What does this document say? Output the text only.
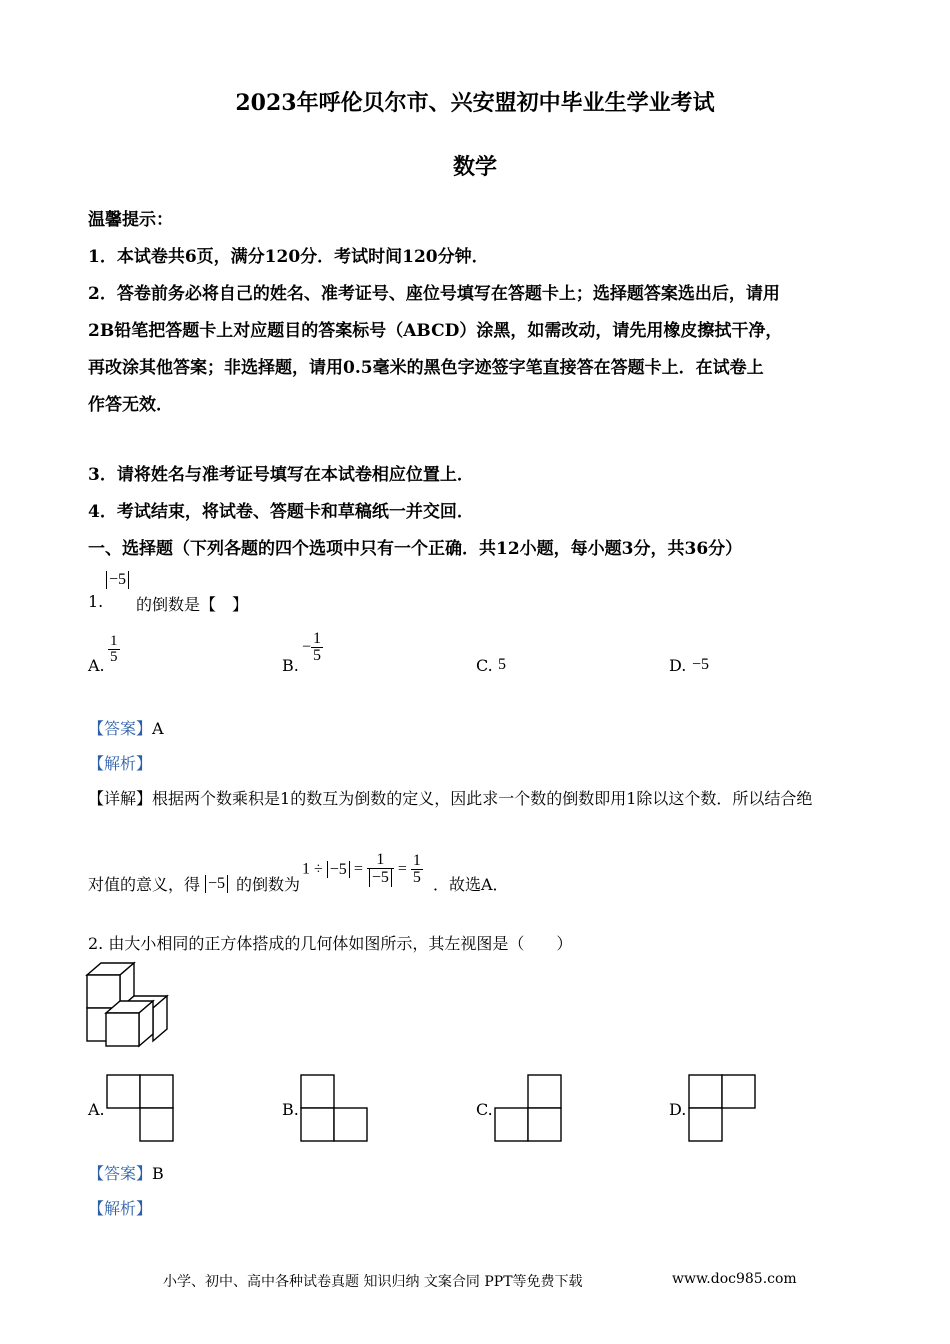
2023年呼伦贝尔市、兴安盟初中毕业生学业考试
数学
温馨提示：
1．本试卷共6页，满分120分．考试时间120分钟．
2．答卷前务必将自己的姓名、准考证号、座位号填写在答题卡上；选择题答案选出后，请用
2B铅笔把答题卡上对应题目的答案标号（ABCD）涂黑，如需改动，请先用橡皮擦拭干净，
再改涂其他答案；非选择题，请用0.5毫米的黑色字迹签字笔直接答在答题卡上．在试卷上
作答无效．
3．请将姓名与准考证号填写在本试卷相应位置上．
4．考试结束，将试卷、答题卡和草稿纸一并交回．
一、选择题（下列各题的四个选项中只有一个正确．共12小题，每小题3分，共36分）
1.
−5
的倒数是【　】
A.
$\frac{1}{5}$
B.
− $\frac{1}{5}$
C. 5	D. −5
【答案】A
【解析】
【详解】根据两个数乘积是1的数互为倒数的定义，因此求一个数的倒数即用1除以这个数．所以结合绝
对值的意义，得 −5 的倒数为
$1 \div -5 = \frac{1}{-5} = \frac{1}{5}$ ．故选A．
2. 由大小相同的正方体搭成的几何体如图所示，其左视图是（　　）
A.	B.	C.	D.
【答案】B
【解析】
小学、初中、高中各种试卷真题 知识归纳 文案合同 PPT等免费下载	www.doc985.com
